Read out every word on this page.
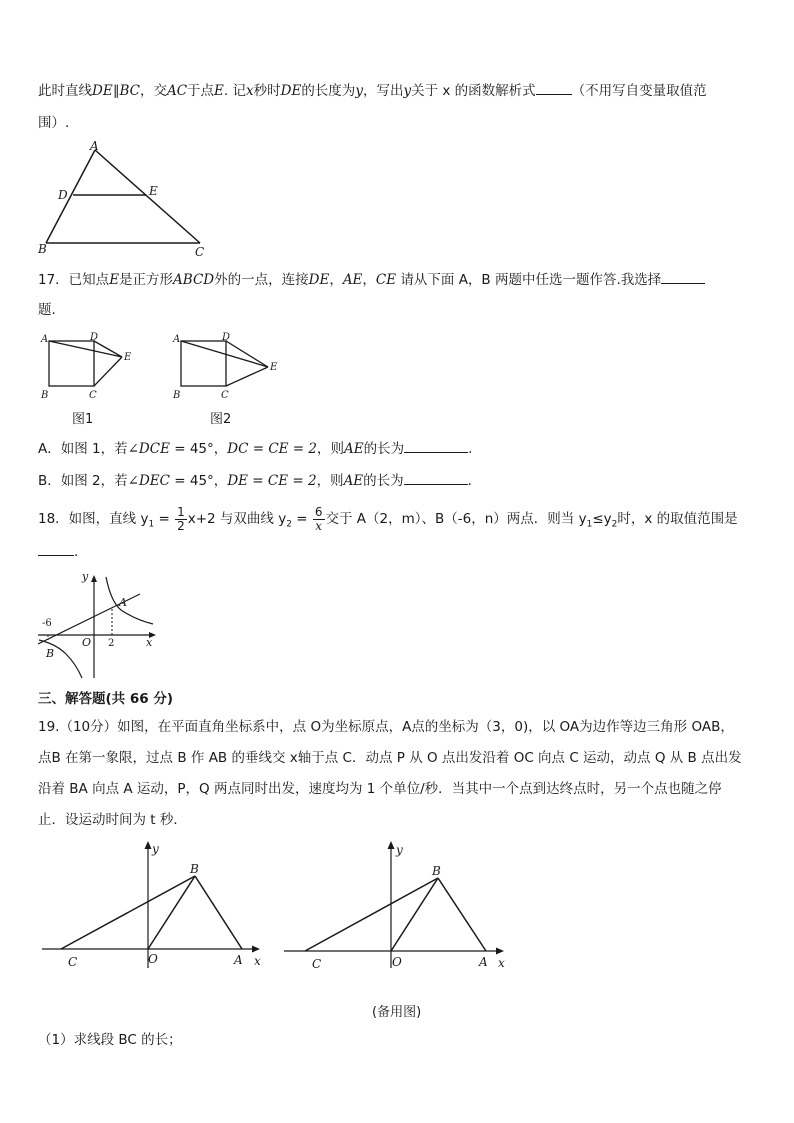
此时直线DE∥BC，交AC于点E. 记x秒时DE的长度为y，写出y关于 x 的函数解析式	（不用写自变量取值范
围）.
A
B	C
D	E
17．已知点E是正方形ABCD外的一点，连接DE，AE，CE 请从下面 A，B 两题中任选一题作答.我选择
题.
A
B	C
D
E
图1
A
B	C
D
E
图2
A．如图 1，若∠DCE = 45°，DC = CE = 2，则AE的长为	.
B．如图 2，若∠DEC = 45°，DE = CE = 2，则AE的长为	.
18．如图，直线 $y_1 = \frac{1}{2} x+2$ 与双曲线 $y_2 = \frac{6}{x}$ 交于 A（2，m）、B（-6，n）两点．则当 $y_1\le y_2$时，x 的取值范围是
.
y
x
O
A
B
-6
2
三、解答题(共 66 分)
19.（10分）如图，在平面直角坐标系中，点 O为坐标原点，A点的坐标为（3，0)，以 OA为边作等边三角形 OAB，
点B 在第一象限，过点 B 作 AB 的垂线交 x轴于点 C．动点 P 从 O 点出发沿着 OC 向点 C 运动，动点 Q 从 B 点出发
沿着 BA 向点 A 运动，P，Q 两点同时出发，速度均为 1 个单位/秒．当其中一个点到达终点时，另一个点也随之停
止．设运动时间为 t 秒．
y
x
O	A
B
C
y
x
O	A
B
C
(备用图)
（1）求线段 BC 的长；
